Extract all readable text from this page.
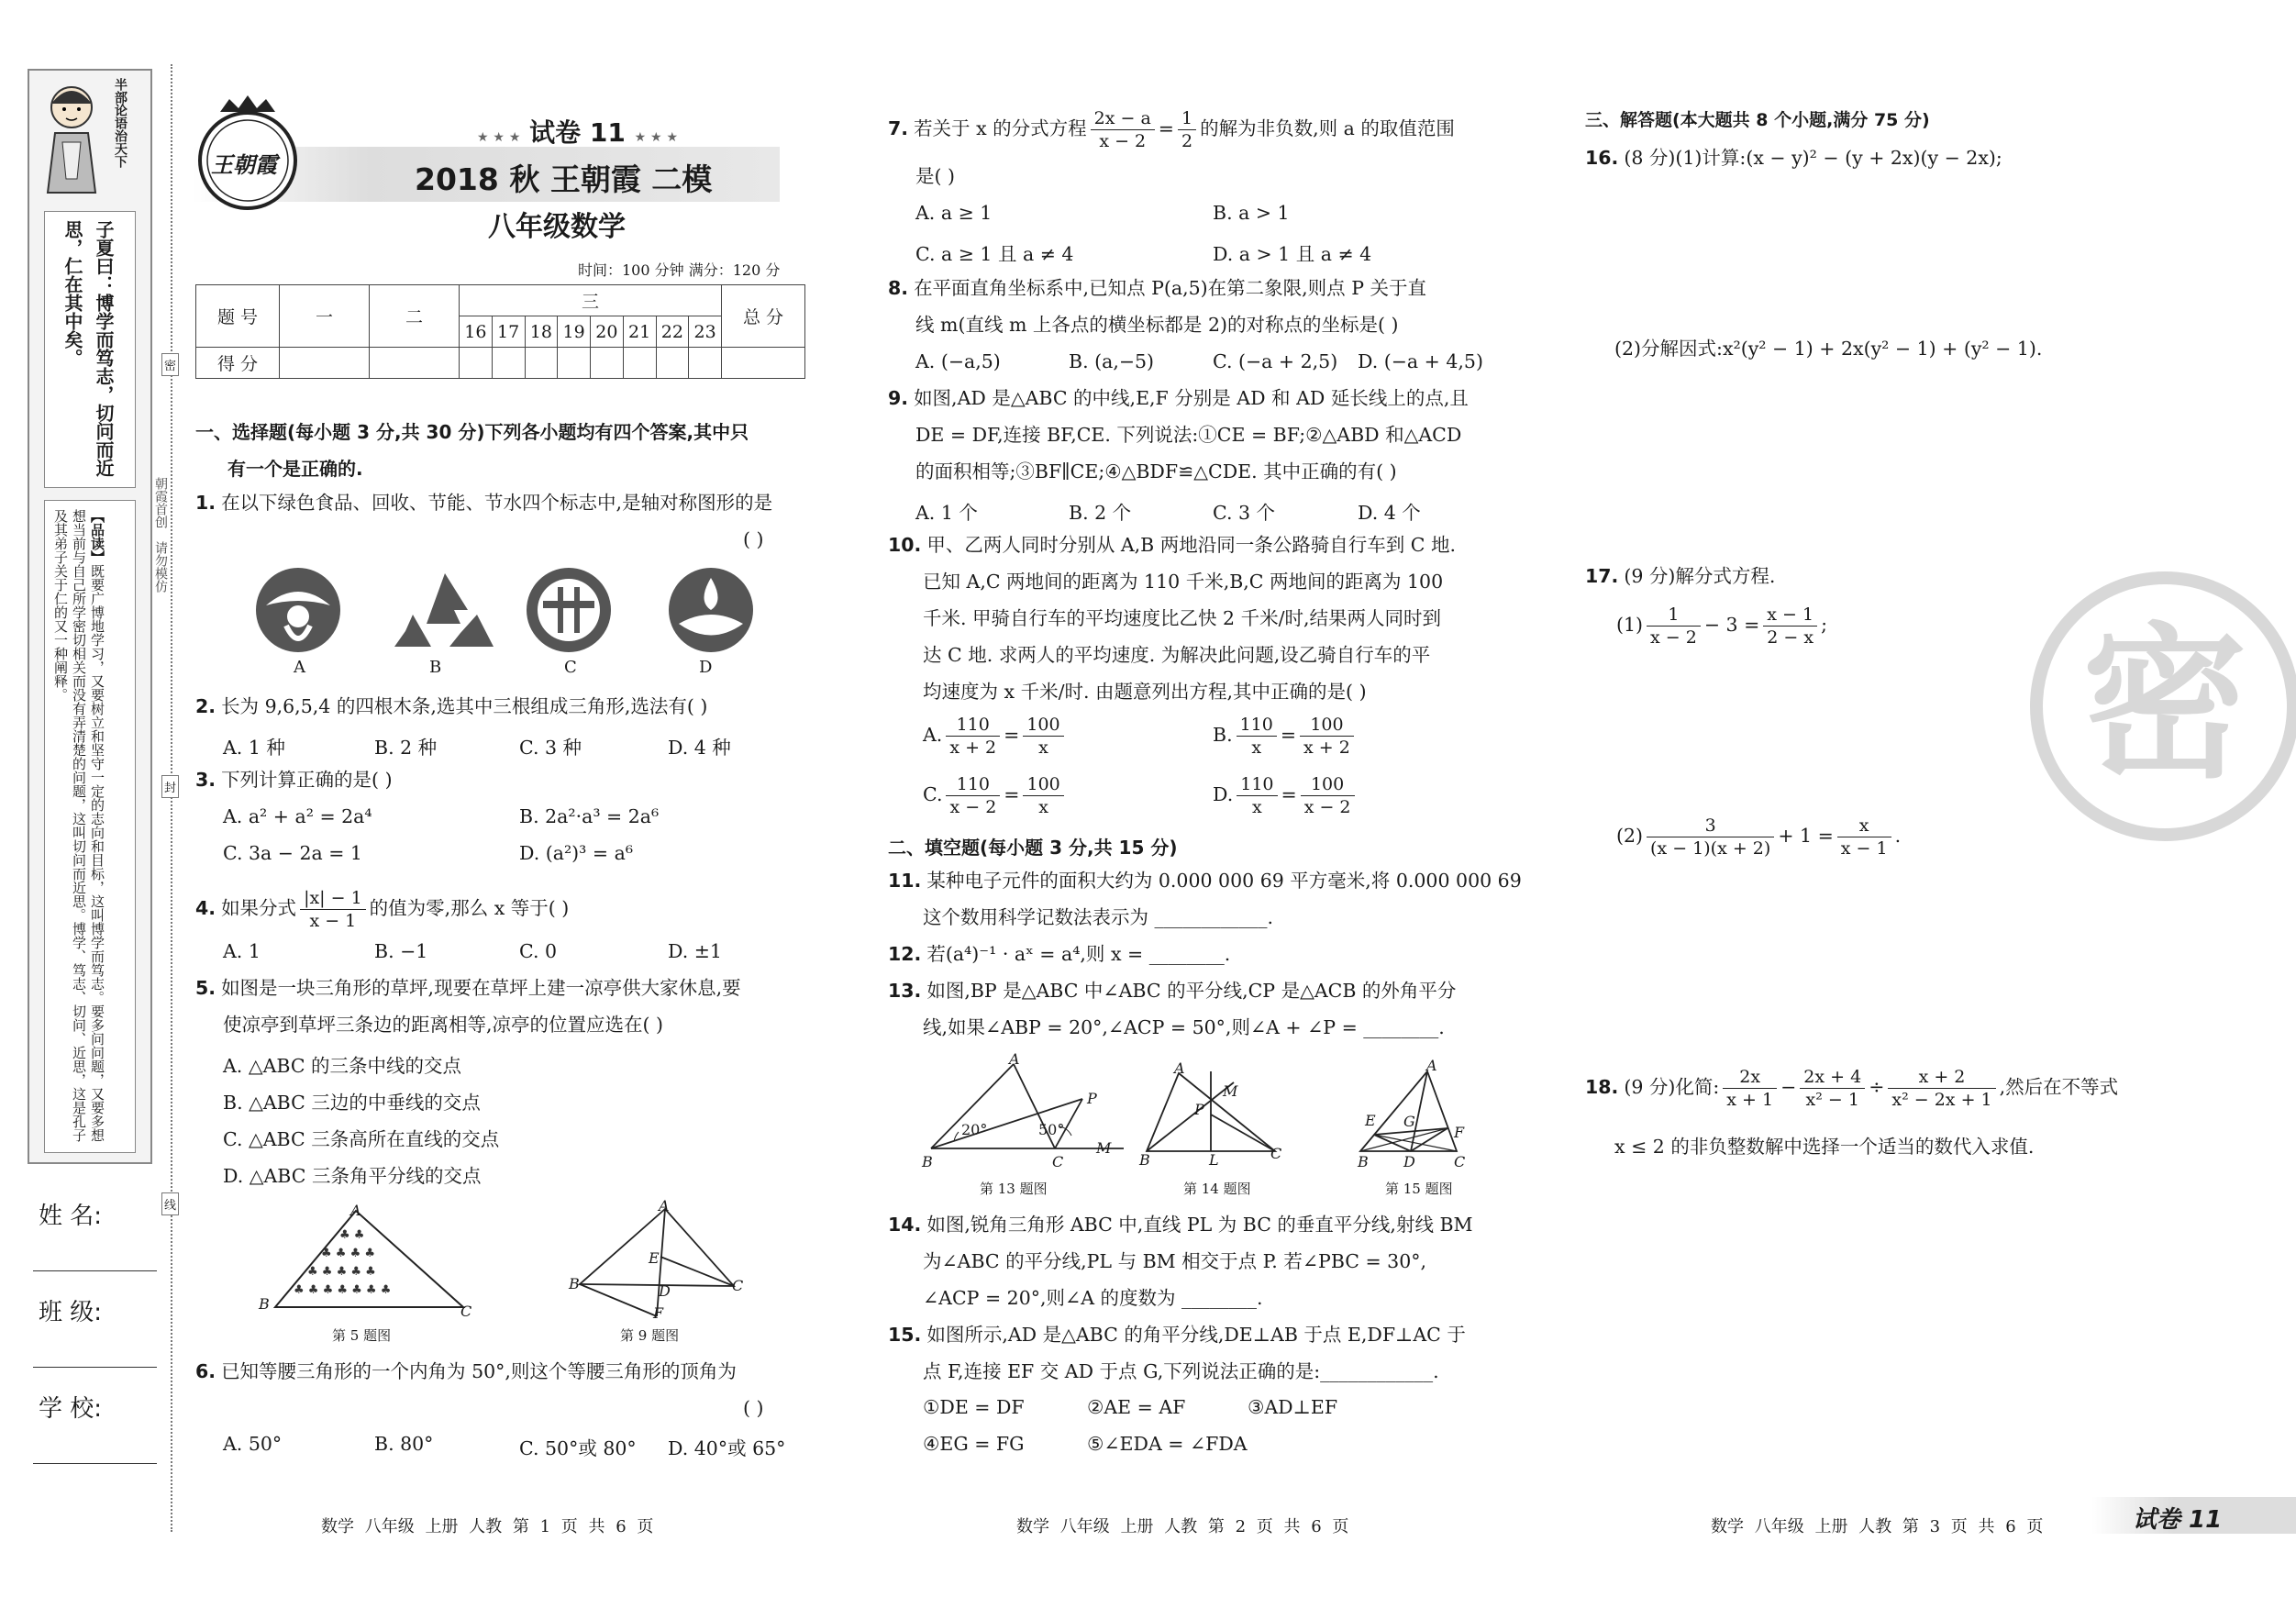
半部论语治天下
子夏曰：博学而笃志，切问而近思，仁在其中矣。
【品读】既要广博地学习，又要树立和坚守一定的志向和目标，这叫博学而笃志。要多问问题，又要多想想当前与自己所学密切相关而没有弄清楚的问题，这叫切问而近思。博学、笃志、切问、近思，这是孔子及其弟子关于仁的又一种阐释。
姓 名:
班 级:
学 校:
朝霞首创　请勿模仿
密
封
线
王朝霞
★ ★ ★ 试卷 11 ★ ★ ★
2018 秋 王朝霞 二模
八年级数学
时间：100 分钟 满分：120 分
题 号	一	二	三								总 分
			16	17	18	19	20	21	22	23	
得 分											
一、选择题(每小题 3 分,共 30 分)下列各小题均有四个答案,其中只
有一个是正确的.
1. 在以下绿色食品、回收、节能、节水四个标志中,是轴对称图形的是
( )
A	B	C	D
2. 长为 9,6,5,4 的四根木条,选其中三根组成三角形,选法有( )
A. 1 种	B. 2 种	C. 3 种	D. 4 种
3. 下列计算正确的是( )
A. a² + a² = 2a⁴	B. 2a²·a³ = 2a⁶
C. 3a − 2a = 1	D. (a²)³ = a⁶
4. 如果分式 $\frac{|x| - 1}{x - 1}$ 的值为零,那么 x 等于( )
A. 1	B. −1	C. 0	D. ±1
5. 如图是一块三角形的草坪,现要在草坪上建一凉亭供大家休息,要
使凉亭到草坪三条边的距离相等,凉亭的位置应选在( )
A. △ABC 的三条中线的交点
B. △ABC 三边的中垂线的交点
C. △ABC 三条高所在直线的交点
D. △ABC 三条角平分线的交点
♣ ♣
♣ ♣ ♣ ♣
♣ ♣ ♣ ♣ ♣
♣ ♣ ♣ ♣ ♣ ♣ ♣
A
B	C
第 5 题图
A
B	C
E
D
F
第 9 题图
6. 已知等腰三角形的一个内角为 50°,则这个等腰三角形的顶角为
( )
A. 50°	B. 80°	C. 50°或 80° D. 40°或 65°
数学 八年级 上册 人教 第 1 页 共 6 页
7. 若关于 x 的分式方程 $\frac{2x - a}{x - 2} = \frac{1}{2}$ 的解为非负数,则 a 的取值范围
是( )
A. a ≥ 1	B. a > 1
C. a ≥ 1 且 a ≠ 4	D. a > 1 且 a ≠ 4
8. 在平面直角坐标系中,已知点 P(a,5)在第二象限,则点 P 关于直
线 m(直线 m 上各点的横坐标都是 2)的对称点的坐标是( )
A. (−a,5)	B. (a,−5)	C. (−a + 2,5) D. (−a + 4,5)
9. 如图,AD 是△ABC 的中线,E,F 分别是 AD 和 AD 延长线上的点,且
DE = DF,连接 BF,CE. 下列说法:①CE = BF;②△ABD 和△ACD
的面积相等;③BF∥CE;④△BDF≌△CDE. 其中正确的有( )
A. 1 个	B. 2 个	C. 3 个	D. 4 个
10. 甲、乙两人同时分别从 A,B 两地沿同一条公路骑自行车到 C 地.
已知 A,C 两地间的距离为 110 千米,B,C 两地间的距离为 100
千米. 甲骑自行车的平均速度比乙快 2 千米/时,结果两人同时到
达 C 地. 求两人的平均速度. 为解决此问题,设乙骑自行车的平
均速度为 x 千米/时. 由题意列出方程,其中正确的是( )
A. $\frac{110}{x + 2} = \frac{100}{x}$	B. $\frac{110}{x} = \frac{100}{x + 2}$
C. $\frac{110}{x - 2} = \frac{100}{x}$	D. $\frac{110}{x} = \frac{100}{x - 2}$
二、填空题(每小题 3 分,共 15 分)
11. 某种电子元件的面积大约为 0.000 000 69 平方毫米,将 0.000 000 69
这个数用科学记数法表示为 ____________.
12. 若(a⁴)⁻¹ · aˣ = a⁴,则 x = ________.
13. 如图,BP 是△ABC 中∠ABC 的平分线,CP 是△ACB 的外角平分
线,如果∠ABP = 20°,∠ACP = 50°,则∠A + ∠P = ________.
A
B	C
P
M
20°	50°
第 13 题图
A
B	C
M
P
L
第 14 题图
A
B D	C
E G
F
第 15 题图
14. 如图,锐角三角形 ABC 中,直线 PL 为 BC 的垂直平分线,射线 BM
为∠ABC 的平分线,PL 与 BM 相交于点 P. 若∠PBC = 30°,
∠ACP = 20°,则∠A 的度数为 ________.
15. 如图所示,AD 是△ABC 的角平分线,DE⊥AB 于点 E,DF⊥AC 于
点 F,连接 EF 交 AD 于点 G,下列说法正确的是:____________.
①DE = DF	②AE = AF	③AD⊥EF
④EG = FG	⑤∠EDA = ∠FDA
数学 八年级 上册 人教 第 2 页 共 6 页
密
三、解答题(本大题共 8 个小题,满分 75 分)
16. (8 分)(1)计算:(x − y)² − (y + 2x)(y − 2x);
(2)分解因式:x²(y² − 1) + 2x(y² − 1) + (y² − 1).
17. (9 分)解分式方程.
$(1) \frac{1}{x - 2} - 3 = \frac{x - 1}{2 - x}$ ;
$(2) \frac{3}{(x - 1)(x + 2)} + 1 = \frac{x}{x - 1}$ .
18. (9 分)化简: $\frac{2x}{x + 1} - \frac{2x + 4}{\text{x² − 1}} \div \frac{x + 2}{\text{x² − 2x + 1}}$ ,然后在不等式
x ≤ 2 的非负整数解中选择一个适当的数代入求值.
数学 八年级 上册 人教 第 3 页 共 6 页	试卷 11
